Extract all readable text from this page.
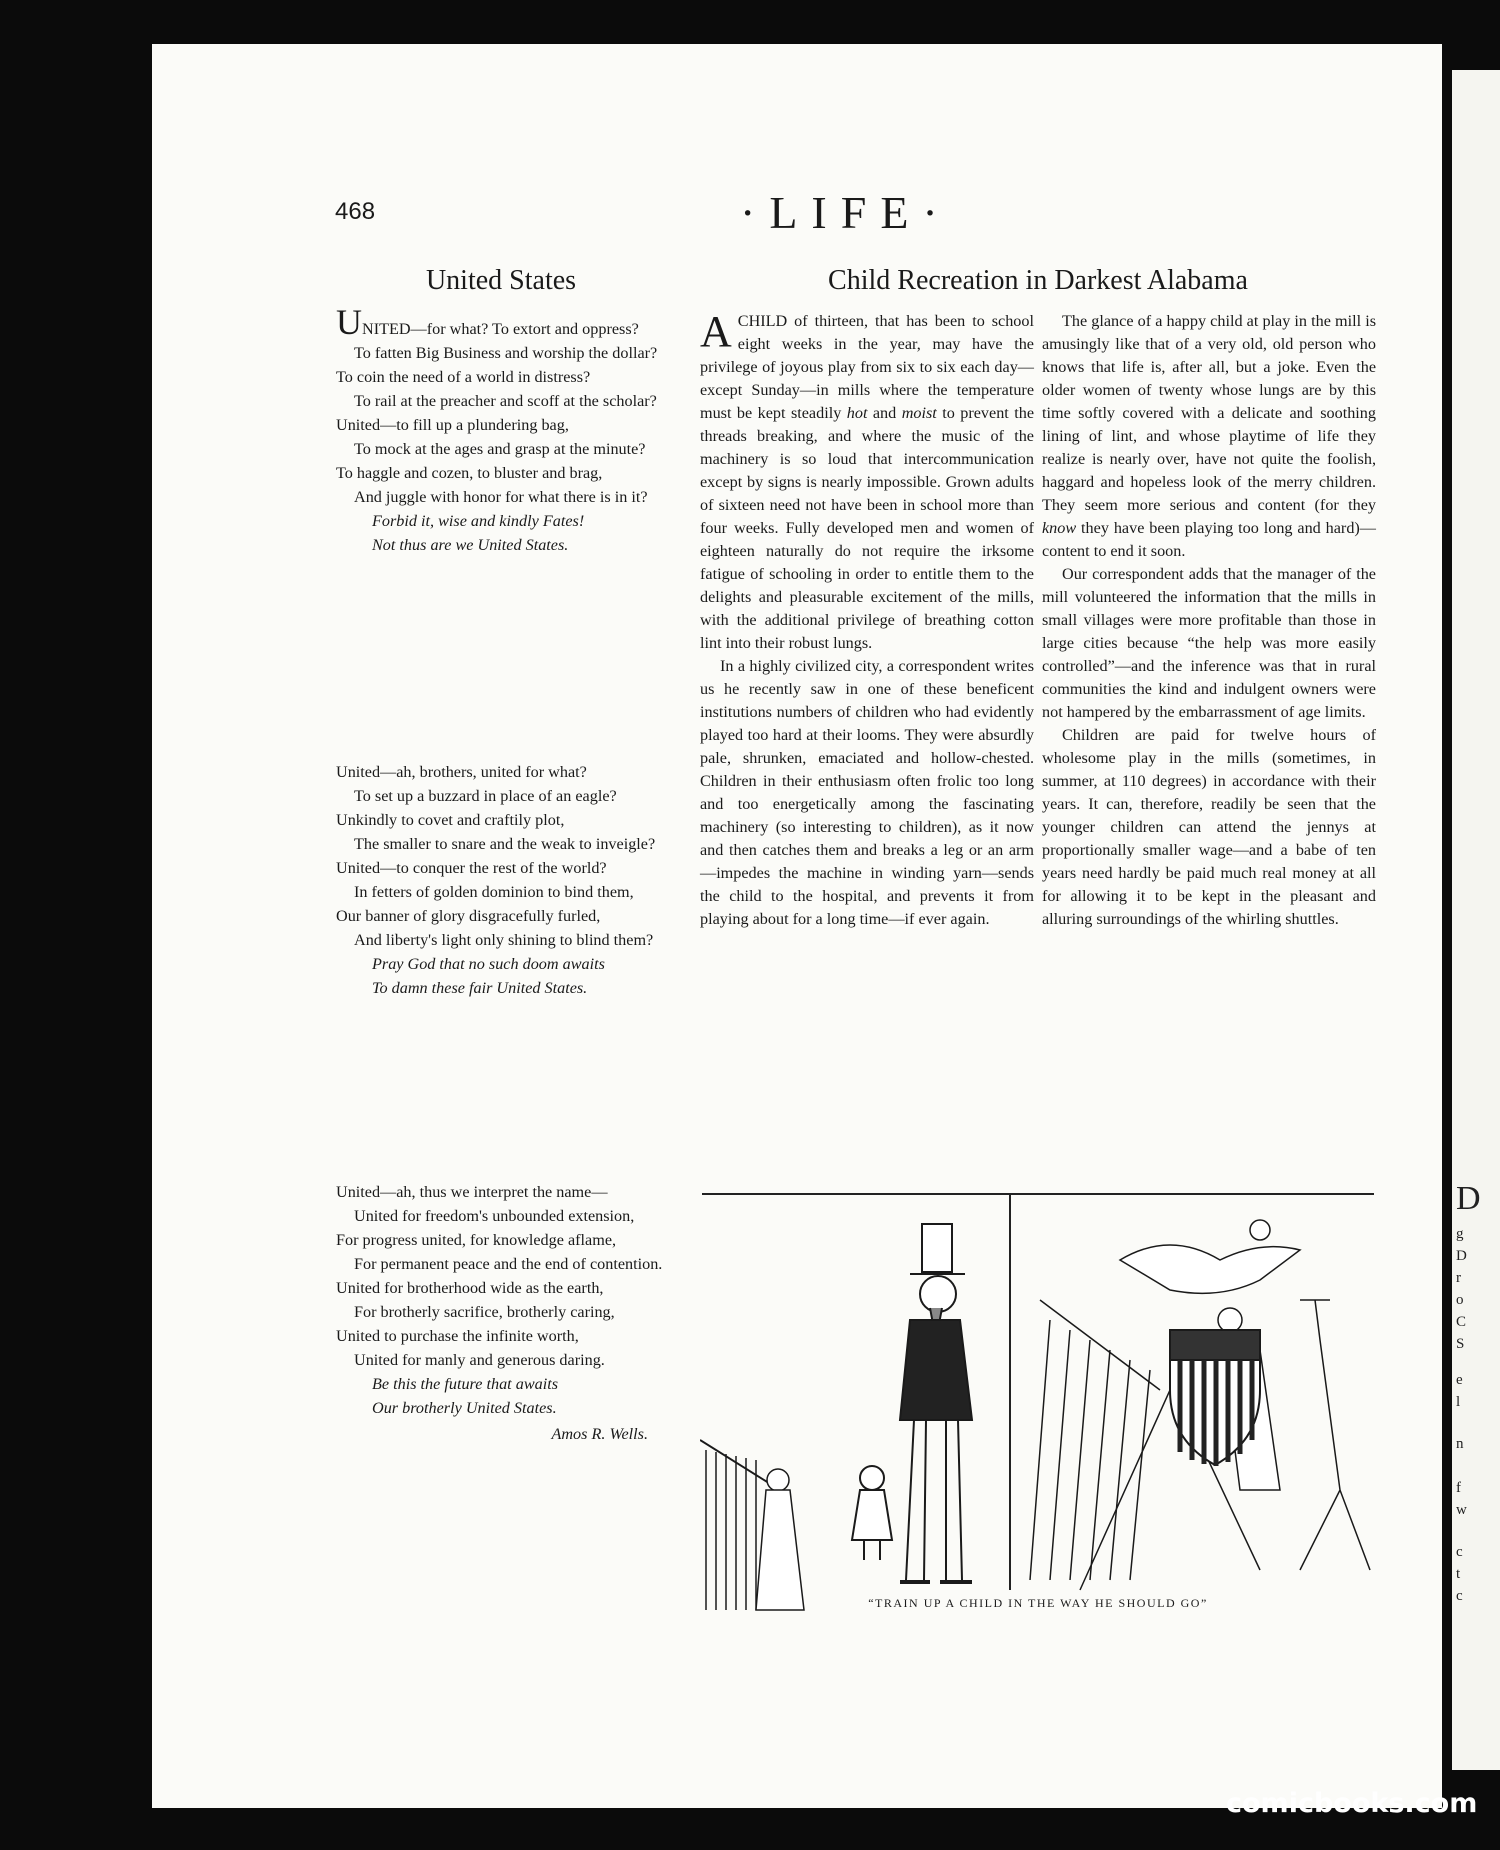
D
g
D
r
o
C
S
e
l
n
f
w
c
t
c
468	·LIFE·
United States	Child Recreation in Darkest Alabama
UNITED—for what? To extort and oppress?
To fatten Big Business and worship the dollar?
To coin the need of a world in distress?
To rail at the preacher and scoff at the scholar?
United—to fill up a plundering bag,
To mock at the ages and grasp at the minute?
To haggle and cozen, to bluster and brag,
And juggle with honor for what there is in it?
Forbid it, wise and kindly Fates!
Not thus are we United States.
United—ah, brothers, united for what?
To set up a buzzard in place of an eagle?
Unkindly to covet and craftily plot,
The smaller to snare and the weak to inveigle?
United—to conquer the rest of the world?
In fetters of golden dominion to bind them,
Our banner of glory disgracefully furled,
And liberty's light only shining to blind them?
Pray God that no such doom awaits
To damn these fair United States.
United—ah, thus we interpret the name—
United for freedom's unbounded extension,
For progress united, for knowledge aflame,
For permanent peace and the end of contention.
United for brotherhood wide as the earth,
For brotherly sacrifice, brotherly caring,
United to purchase the infinite worth,
United for manly and generous daring.
Be this the future that awaits
Our brotherly United States.
Amos R. Wells.

A CHILD of thirteen, that has been to school eight weeks in the year, may have the privilege of joyous play from six to six each day—except Sunday—in mills where the temperature must be kept steadily hot and moist to prevent the threads breaking, and where the music of the machinery is so loud that intercommunication except by signs is nearly impossible. Grown adults of sixteen need not have been in school more than four weeks. Fully developed men and women of eighteen naturally do not require the irksome fatigue of schooling in order to entitle them to the delights and pleasurable excitement of the mills, with the additional privilege of breathing cotton lint into their robust lungs.

In a highly civilized city, a correspondent writes us he recently saw in one of these beneficent institutions numbers of children who had evidently played too hard at their looms. They were absurdly pale, shrunken, emaciated and hollow-chested. Children in their enthusiasm often frolic too long and too energetically among the fascinating machinery (so interesting to children), as it now and then catches them and breaks a leg or an arm—impedes the machine in winding yarn—sends the child to the hospital, and prevents it from playing about for a long time—if ever again.

The glance of a happy child at play in the mill is amusingly like that of a very old, old person who knows that life is, after all, but a joke. Even the older women of twenty whose lungs are by this time softly covered with a delicate and soothing lining of lint, and whose playtime of life they realize is nearly over, have not quite the foolish, haggard and hopeless look of the merry children. They seem more serious and content (for they know they have been playing too long and hard)—content to end it soon.

Our correspondent adds that the manager of the mill volunteered the information that the mills in small villages were more profitable than those in large cities because “the help was more easily controlled”—and the inference was that in rural communities the kind and indulgent owners were not hampered by the embarrassment of age limits.

Children are paid for twelve hours of wholesome play in the mills (sometimes, in summer, at 110 degrees) in accordance with their years. It can, therefore, readily be seen that the younger children can attend the jennys at proportionally smaller wage—and a babe of ten years need hardly be paid much real money at all for allowing it to be kept in the pleasant and alluring surroundings of the whirling shuttles.

“TRAIN UP A CHILD IN THE WAY HE SHOULD GO”
comicbooks.com
